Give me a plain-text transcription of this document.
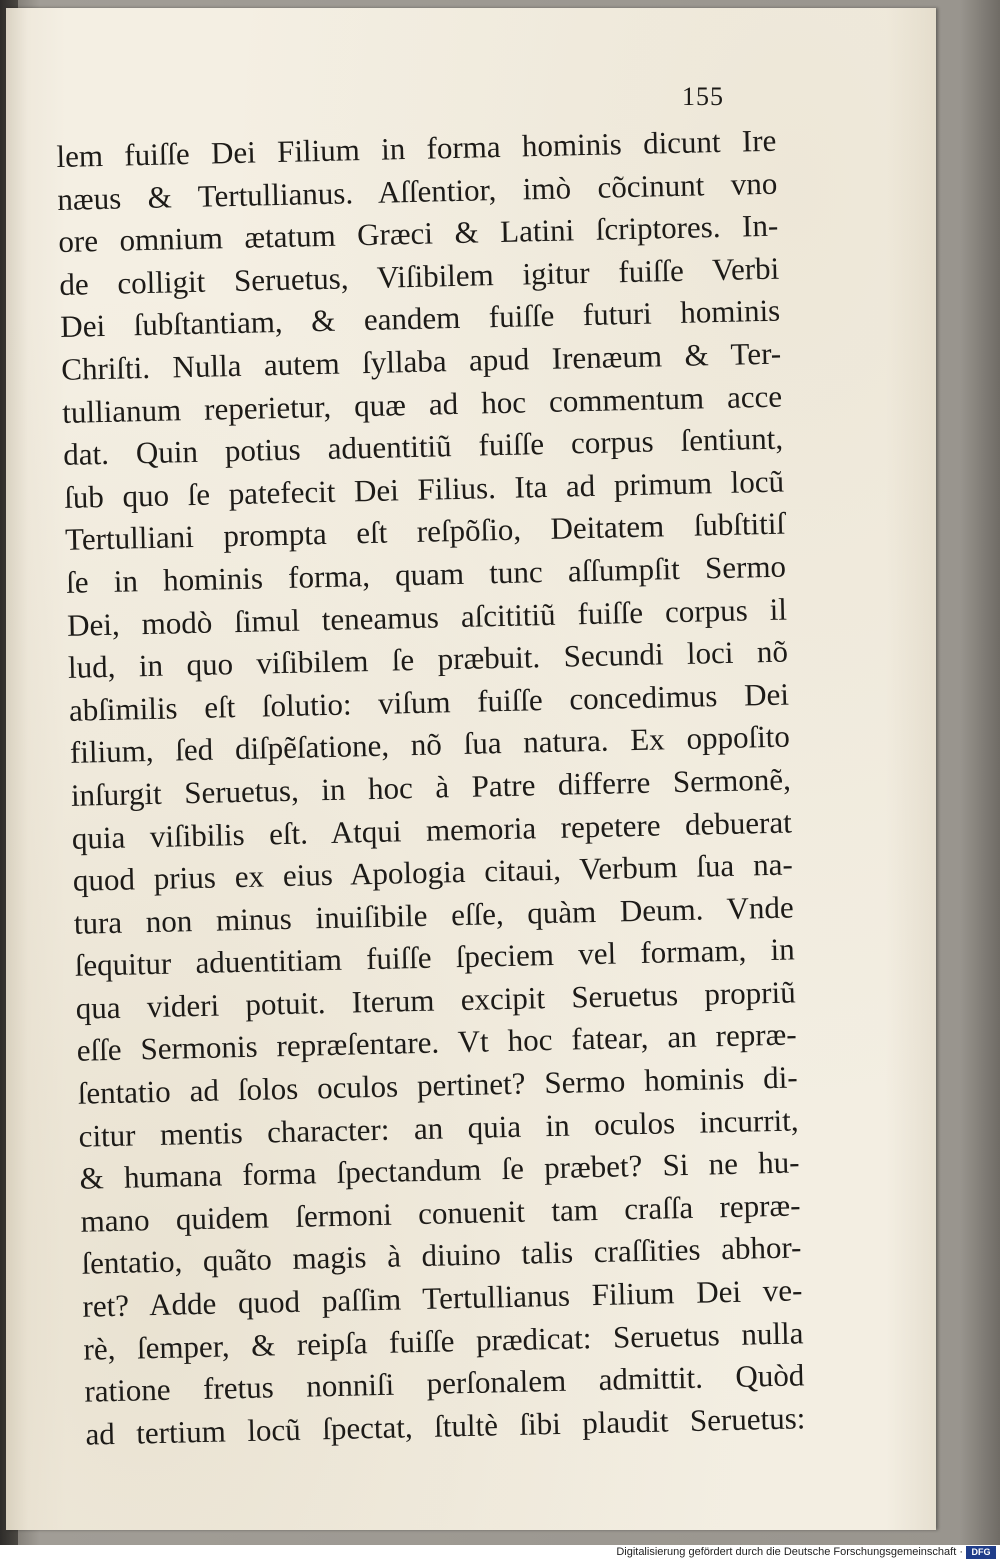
155
lem fuiſſe Dei Filium in forma hominis dicunt Ire
næus & Tertullianus. Aſſentior, imò cõcinunt vno
ore omnium ætatum Græci & Latini ſcriptores. In-
de colligit Seruetus, Viſibilem igitur fuiſſe Verbi
Dei ſubſtantiam, & eandem fuiſſe futuri hominis
Chriſti. Nulla autem ſyllaba apud Irenæum & Ter-
tullianum reperietur, quæ ad hoc commentum acce
dat. Quin potius aduentitiũ fuiſſe corpus ſentiunt,
ſub quo ſe patefecit Dei Filius. Ita ad primum locũ
Tertulliani prompta eſt reſpõſio, Deitatem ſubſtitiſ
ſe in hominis forma, quam tunc aſſumpſit Sermo
Dei, modò ſimul teneamus aſcititiũ fuiſſe corpus il
lud, in quo viſibilem ſe præbuit. Secundi loci nõ
abſimilis eſt ſolutio: viſum fuiſſe concedimus Dei
filium, ſed diſpẽſatione, nõ ſua natura. Ex oppoſito
inſurgit Seruetus, in hoc à Patre differre Sermonẽ,
quia viſibilis eſt. Atqui memoria repetere debuerat
quod prius ex eius Apologia citaui, Verbum ſua na-
tura non minus inuiſibile eſſe, quàm Deum. Vnde
ſequitur aduentitiam fuiſſe ſpeciem vel formam, in
qua videri potuit. Iterum excipit Seruetus propriũ
eſſe Sermonis repræſentare. Vt hoc fatear, an repræ-
ſentatio ad ſolos oculos pertinet? Sermo hominis di-
citur mentis character: an quia in oculos incurrit,
& humana forma ſpectandum ſe præbet? Si ne hu-
mano quidem ſermoni conuenit tam craſſa repræ-
ſentatio, quãto magis à diuino talis craſſities abhor-
ret? Adde quod paſſim Tertullianus Filium Dei ve-
rè, ſemper, & reipſa fuiſſe prædicat: Seruetus nulla
ratione fretus nonniſi perſonalem admittit. Quòd
ad tertium locũ ſpectat, ſtultè ſibi plaudit Seruetus:
Digitalisierung gefördert durch die Deutsche Forschungsgemeinschaft · DFG
